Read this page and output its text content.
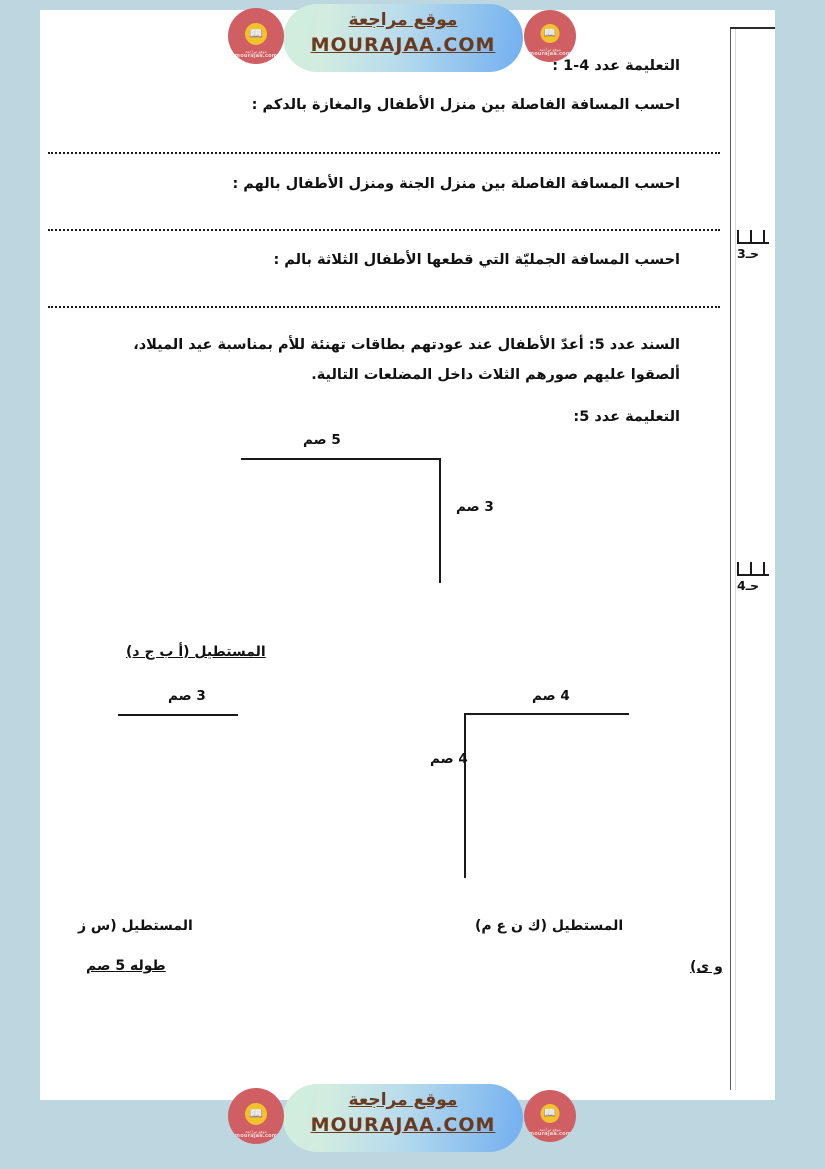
موقع مراجعة
MOURAJAA.COM
📖
موقع مراجعة
mourajaa.com
📖
موقع مراجعة
mourajaa.com
التعليمة عدد 4-1 :
احسب المسافة الفاصلة بين منزل الأطفال والمغازة بالدكم :
احسب المسافة الفاصلة بين منزل الجنة ومنزل الأطفال بالهم :
احسب المسافة الجمليّة التي قطعها الأطفال الثلاثة بالم :
السند عدد 5: أعدّ الأطفال عند عودتهم بطاقات تهنئة للأم بمناسبة عيد الميلاد، ألصقوا عليهم صورهم الثلاث داخل المضلعات التالية.
التعليمة عدد 5:
5 صم
3 صم
المستطيل (أ ب ج د)
3 صم
المستطيل (س ز
طوله 5 صم
4 صم
4 صم
المستطيل (ك ن ع م)
و ى)
حـ3
حـ4
موقع مراجعة
MOURAJAA.COM
📖
موقع مراجعة
mourajaa.com
📖
موقع مراجعة
mourajaa.com
